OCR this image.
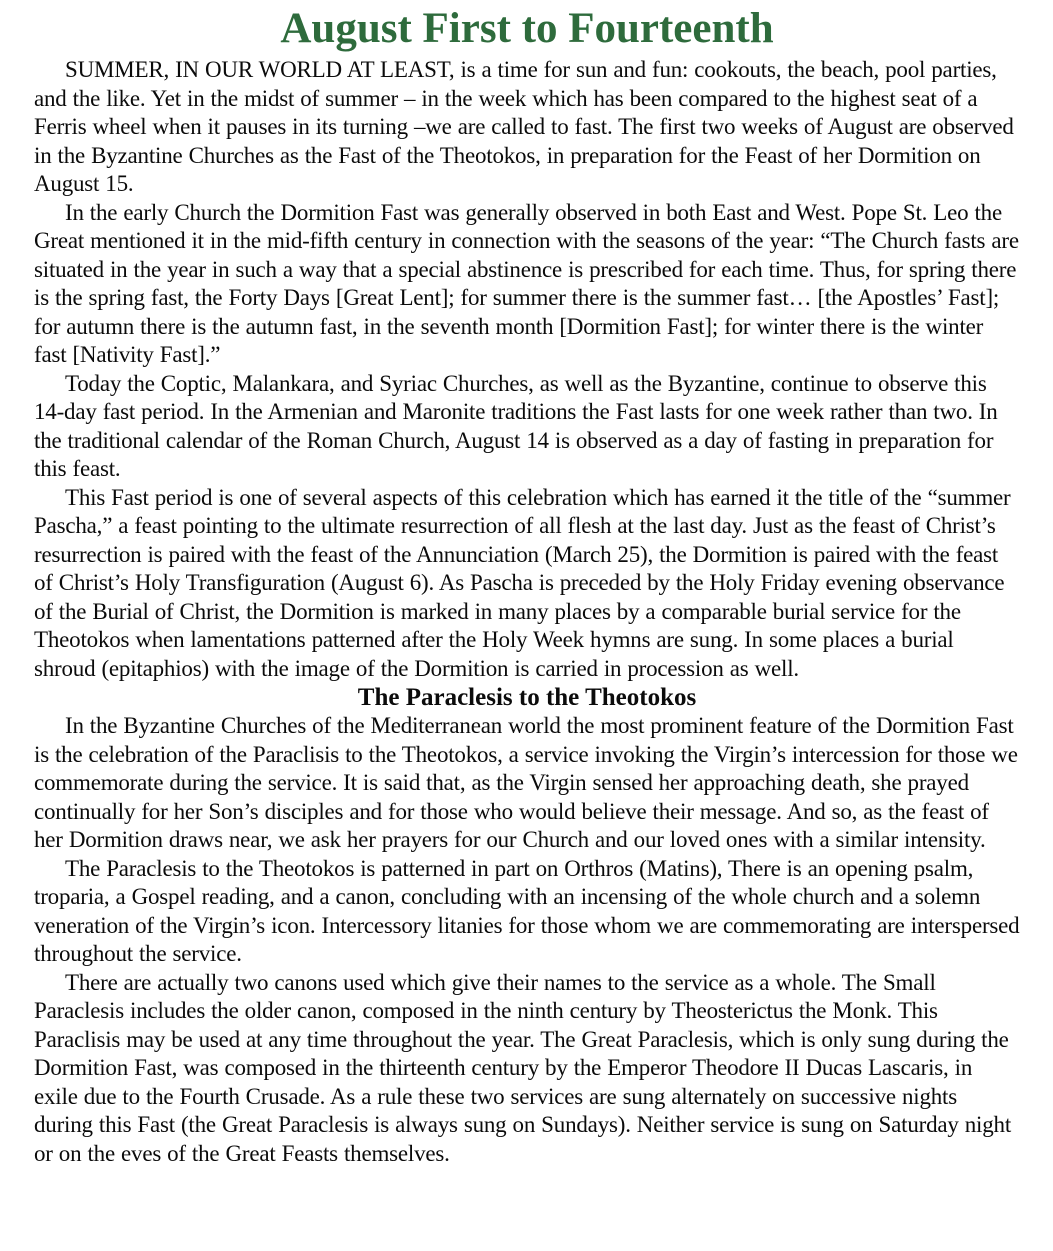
August First to Fourteenth

SUMMER, IN OUR WORLD AT LEAST, is a time for sun and fun: cookouts, the beach, pool parties, and the like. Yet in the midst of summer – in the week which has been compared to the highest seat of a Ferris wheel when it pauses in its turning –we are called to fast. The first two weeks of August are observed in the Byzantine Churches as the Fast of the Theotokos, in preparation for the Feast of her Dormition on August 15.

In the early Church the Dormition Fast was generally observed in both East and West. Pope St. Leo the Great mentioned it in the mid-fifth century in connection with the seasons of the year: “The Church fasts are situated in the year in such a way that a special abstinence is prescribed for each time. Thus, for spring there is the spring fast, the Forty Days [Great Lent]; for summer there is the summer fast… [the Apostles’ Fast]; for autumn there is the autumn fast, in the seventh month [Dormition Fast]; for winter there is the winter fast [Nativity Fast].”

Today the Coptic, Malankara, and Syriac Churches, as well as the Byzantine, continue to observe this 14-day fast period. In the Armenian and Maronite traditions the Fast lasts for one week rather than two. In the traditional calendar of the Roman Church, August 14 is observed as a day of fasting in preparation for this feast.

This Fast period is one of several aspects of this celebration which has earned it the title of the “summer Pascha,” a feast pointing to the ultimate resurrection of all flesh at the last day. Just as the feast of Christ’s resurrection is paired with the feast of the Annunciation (March 25), the Dormition is paired with the feast of Christ’s Holy Transfiguration (August 6). As Pascha is preceded by the Holy Friday evening observance of the Burial of Christ, the Dormition is marked in many places by a comparable burial service for the Theotokos when lamentations patterned after the Holy Week hymns are sung. In some places a burial shroud (epitaphios) with the image of the Dormition is carried in procession as well.

The Paraclesis to the Theotokos

In the Byzantine Churches of the Mediterranean world the most prominent feature of the Dormition Fast is the celebration of the Paraclisis to the Theotokos, a service invoking the Virgin’s intercession for those we commemorate during the service. It is said that, as the Virgin sensed her approaching death, she prayed continually for her Son’s disciples and for those who would believe their message. And so, as the feast of her Dormition draws near, we ask her prayers for our Church and our loved ones with a similar intensity.

The Paraclesis to the Theotokos is patterned in part on Orthros (Matins), There is an opening psalm, troparia, a Gospel reading, and a canon, concluding with an incensing of the whole church and a solemn veneration of the Virgin’s icon. Intercessory litanies for those whom we are commemorating are interspersed throughout the service.

There are actually two canons used which give their names to the service as a whole. The Small Paraclesis includes the older canon, composed in the ninth century by Theosterictus the Monk. This Paraclisis may be used at any time throughout the year. The Great Paraclesis, which is only sung during the Dormition Fast, was composed in the thirteenth century by the Emperor Theodore II Ducas Lascaris, in exile due to the Fourth Crusade. As a rule these two services are sung alternately on successive nights during this Fast (the Great Paraclesis is always sung on Sundays). Neither service is sung on Saturday night or on the eves of the Great Feasts themselves.
